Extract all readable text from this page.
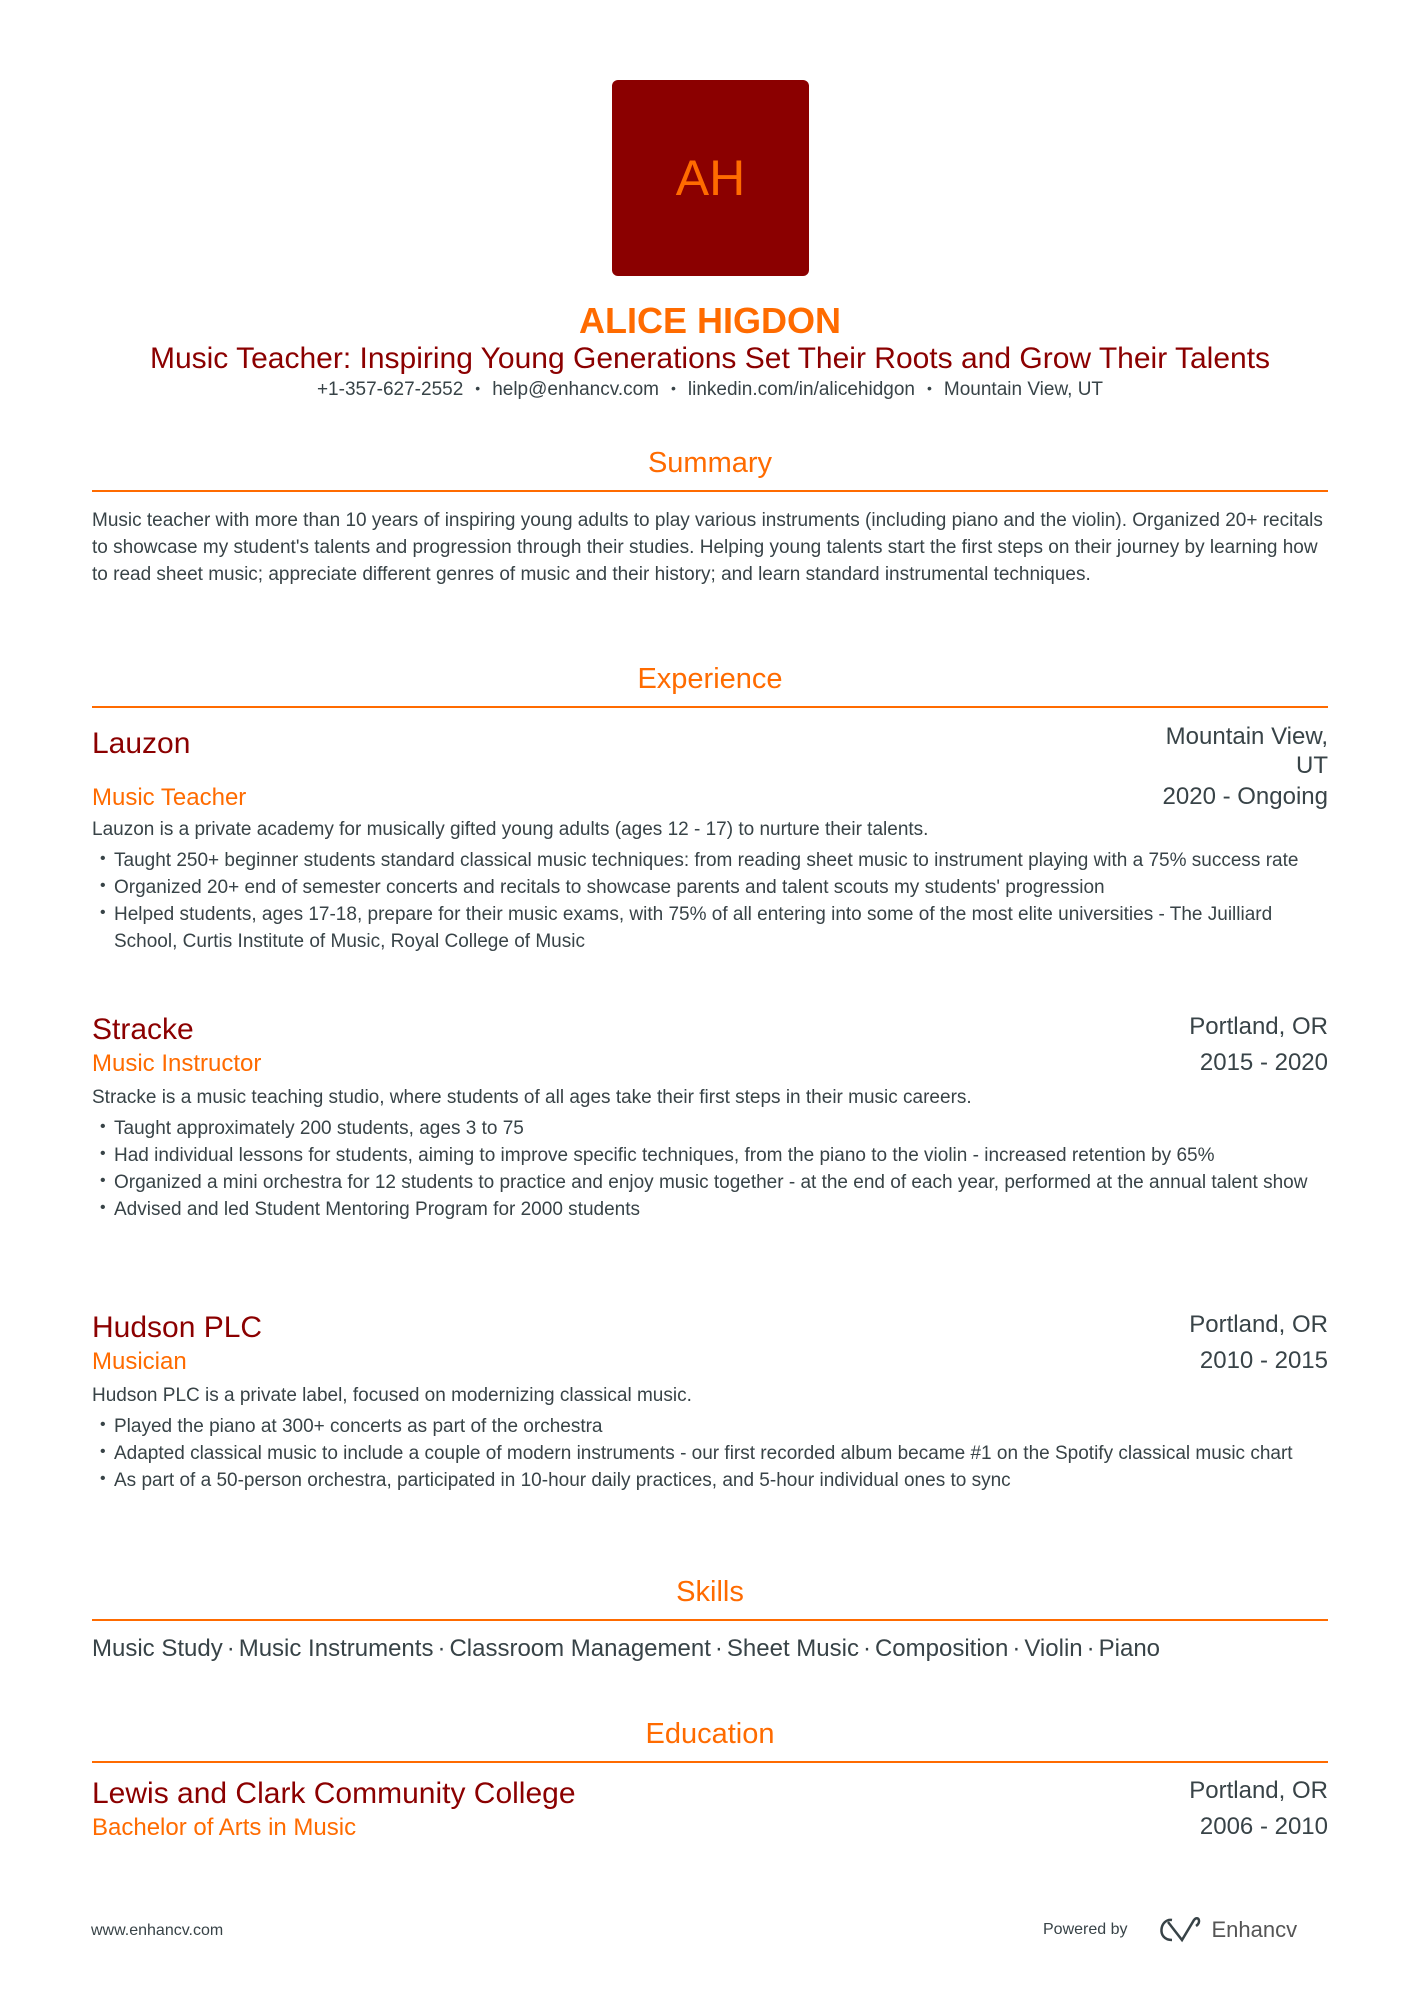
AH
ALICE HIGDON
Music Teacher: Inspiring Young Generations Set Their Roots and Grow Their Talents
+1-357-627-2552 • help@enhancv.com • linkedin.com/in/alicehidgon • Mountain View, UT
Summary
Music teacher with more than 10 years of inspiring young adults to play various instruments (including piano and the violin). Organized 20+ recitals to showcase my student's talents and progression through their studies. Helping young talents start the first steps on their journey by learning how to read sheet music; appreciate different genres of music and their history; and learn standard instrumental techniques.
Experience
Lauzon	Mountain View, UT
Music Teacher	2020 - Ongoing
Lauzon is a private academy for musically gifted young adults (ages 12 - 17) to nurture their talents.
• Taught 250+ beginner students standard classical music techniques: from reading sheet music to instrument playing with a 75% success rate
• Organized 20+ end of semester concerts and recitals to showcase parents and talent scouts my students' progression
• Helped students, ages 17-18, prepare for their music exams, with 75% of all entering into some of the most elite universities - The Juilliard School, Curtis Institute of Music, Royal College of Music
Stracke	Portland, OR
Music Instructor	2015 - 2020
Stracke is a music teaching studio, where students of all ages take their first steps in their music careers.
• Taught approximately 200 students, ages 3 to 75
• Had individual lessons for students, aiming to improve specific techniques, from the piano to the violin - increased retention by 65%
• Organized a mini orchestra for 12 students to practice and enjoy music together - at the end of each year, performed at the annual talent show
• Advised and led Student Mentoring Program for 2000 students
Hudson PLC	Portland, OR
Musician	2010 - 2015
Hudson PLC is a private label, focused on modernizing classical music.
• Played the piano at 300+ concerts as part of the orchestra
• Adapted classical music to include a couple of modern instruments - our first recorded album became #1 on the Spotify classical music chart
• As part of a 50-person orchestra, participated in 10-hour daily practices, and 5-hour individual ones to sync
Skills
Music Study · Music Instruments · Classroom Management · Sheet Music · Composition · Violin · Piano
Education
Lewis and Clark Community College	Portland, OR
Bachelor of Arts in Music	2006 - 2010
www.enhancv.com	Powered by	Enhancv
